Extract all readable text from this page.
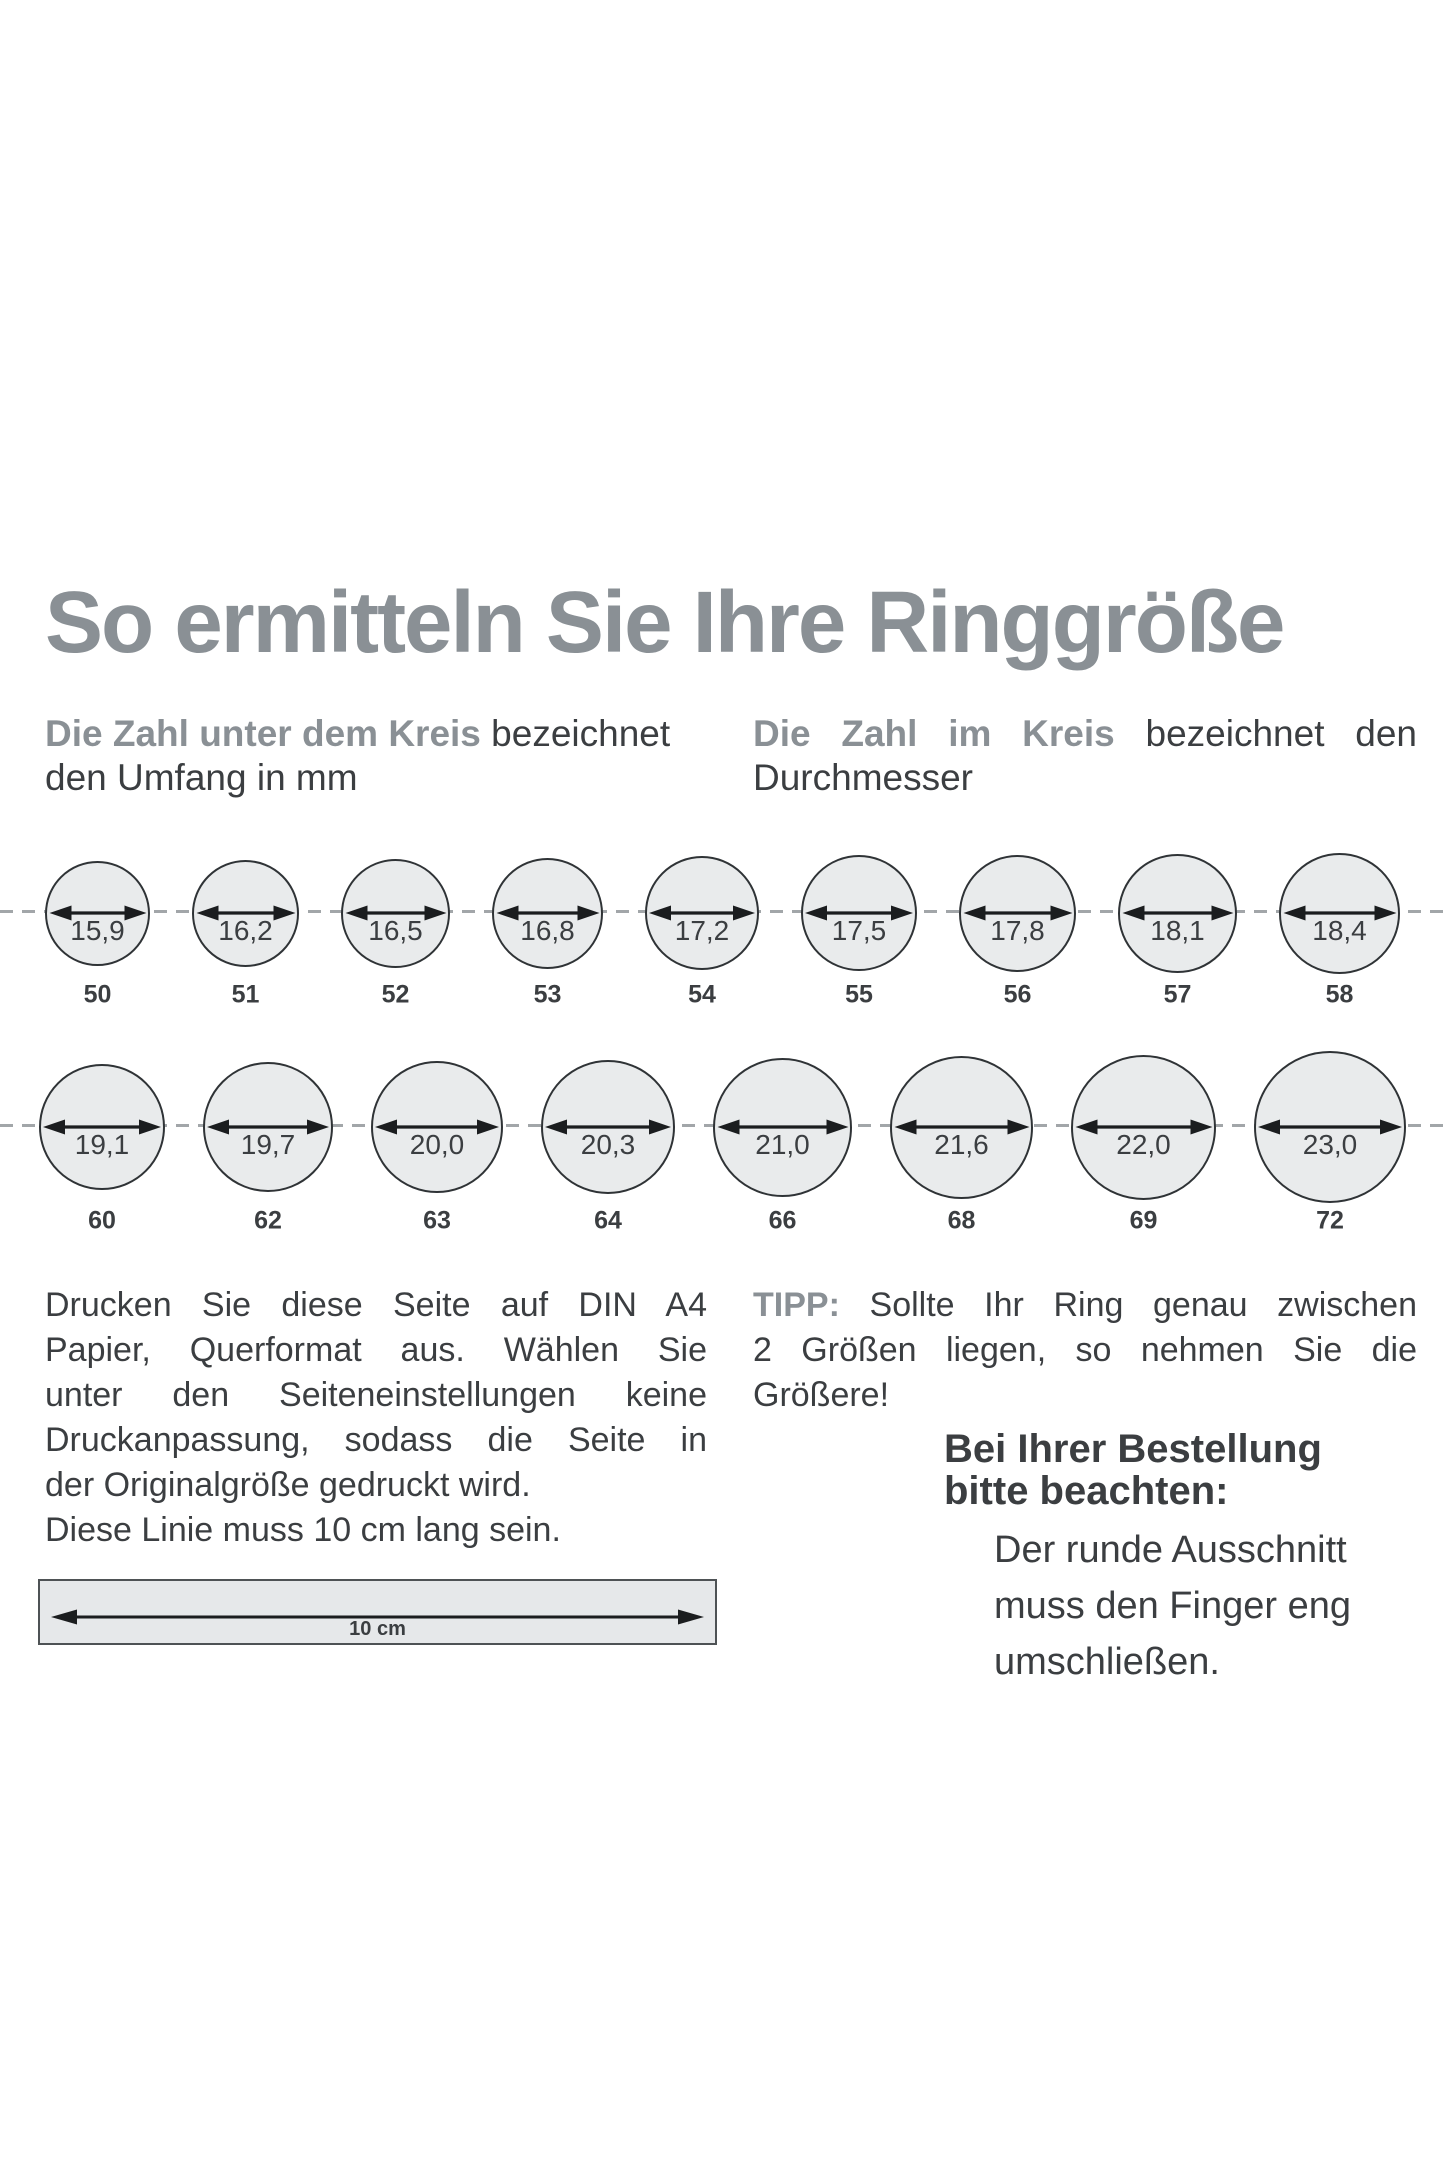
So ermitteln Sie Ihre Ringgröße
Die Zahl unter dem Kreis bezeichnet
den Umfang in mm
Die Zahl im Kreis bezeichnet den
Durchmesser
15,9
50
16,2
51
16,5
52
16,8
53
17,2
54
17,5
55
17,8
56
18,1
57
18,4
58
19,1
60
19,7
62
20,0
63
20,3
64
21,0
66
21,6
68
22,0
69
23,0
72
Drucken Sie diese Seite auf DIN A4
Papier, Querformat aus. Wählen Sie
unter den Seiteneinstellungen keine
Druckanpassung, sodass die Seite in
der Originalgröße gedruckt wird.
Diese Linie muss 10 cm lang sein.
TIPP: Sollte Ihr Ring genau zwischen
2 Größen liegen, so nehmen Sie die
Größere!
Bei Ihrer Bestellung
bitte beachten:
Der runde Ausschnitt
muss den Finger eng
umschließen.
10 cm
